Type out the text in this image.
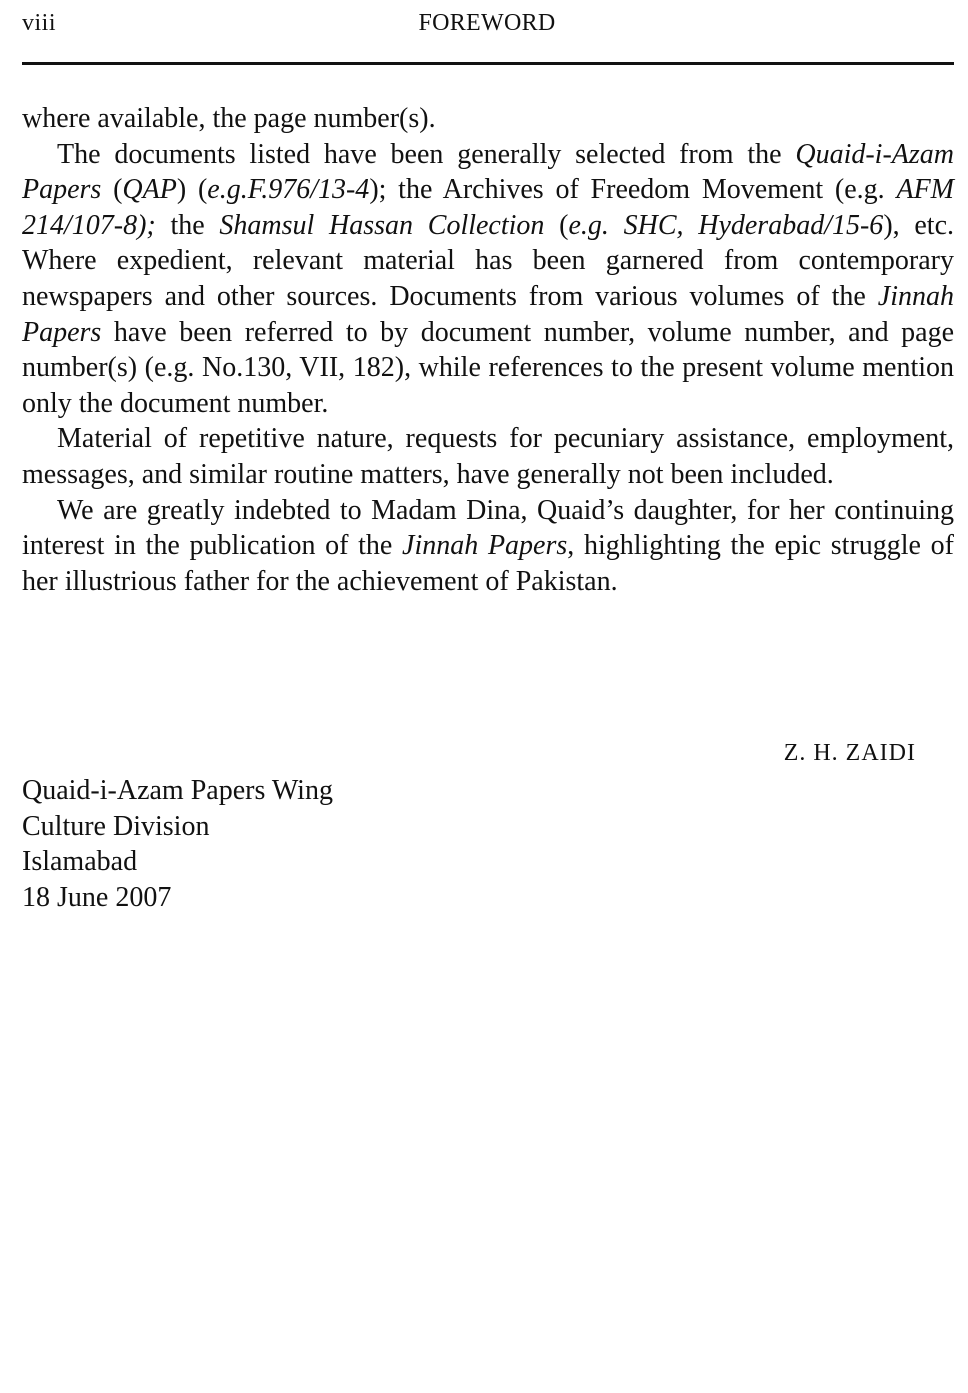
viii	FOREWORD

where available, the page number(s).

The documents listed have been generally selected from the Quaid-i-Azam Papers (QAP) (e.g.F.976/13-4); the Archives of Freedom Movement (e.g. AFM 214/107-8); the Shamsul Hassan Collection (e.g. SHC, Hyderabad/15-6), etc. Where expedient, relevant material has been garnered from contemporary newspapers and other sources. Documents from various volumes of the Jinnah Papers have been referred to by document number, volume number, and page number(s) (e.g. No.130, VII, 182), while references to the present volume mention only the document number.

Material of repetitive nature, requests for pecuniary assistance, employment, messages, and similar routine matters, have generally not been included.

We are greatly indebted to Madam Dina, Quaid’s daughter, for her continuing interest in the publication of the Jinnah Papers, highlighting the epic struggle of her illustrious father for the achievement of Pakistan.

Z. H. ZAIDI
Quaid-i-Azam Papers Wing
Culture Division
Islamabad
18 June 2007
